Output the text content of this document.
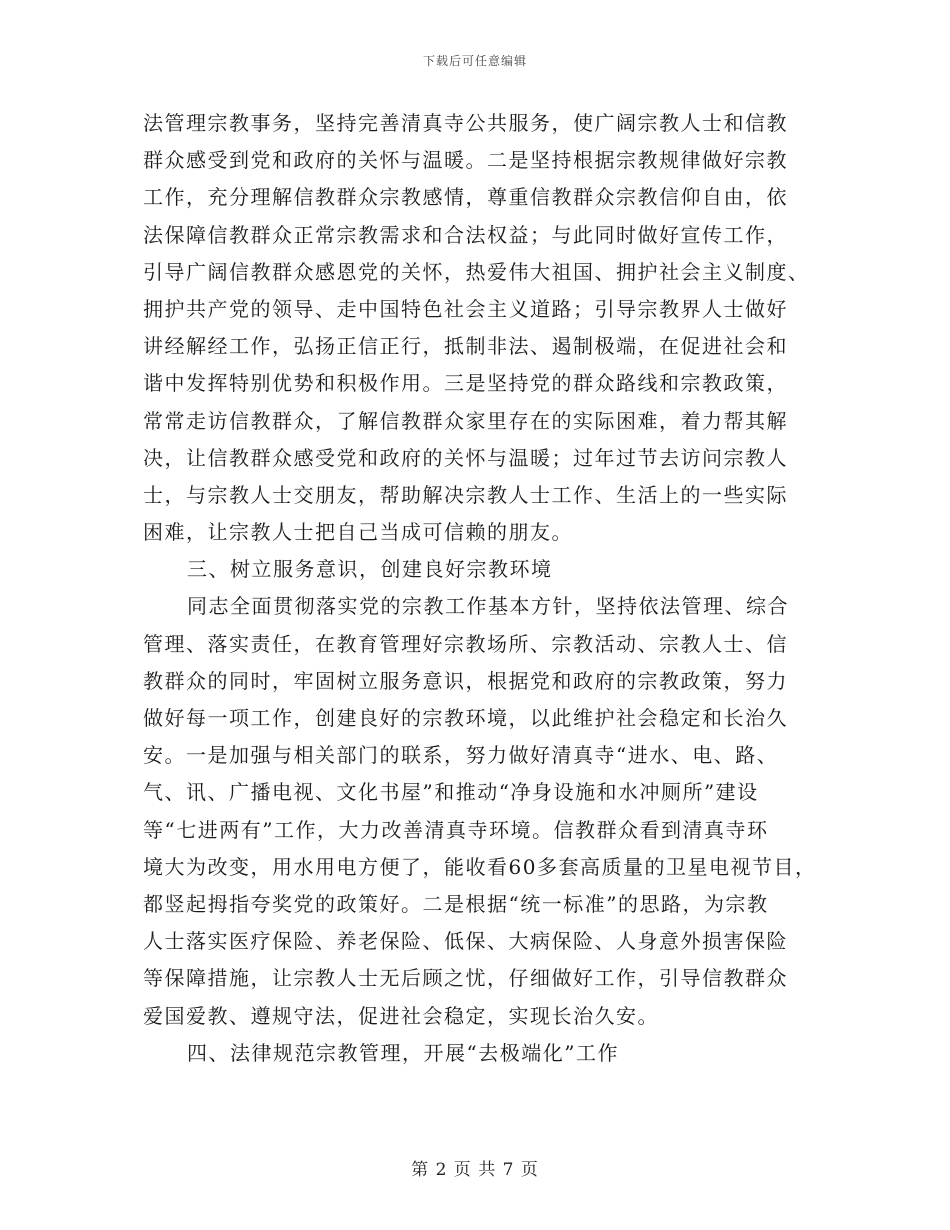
下载后可任意编辑
法管理宗教事务，坚持完善清真寺公共服务，使广阔宗教人士和信教
群众感受到党和政府的关怀与温暖。二是坚持根据宗教规律做好宗教
工作，充分理解信教群众宗教感情，尊重信教群众宗教信仰自由，依
法保障信教群众正常宗教需求和合法权益；与此同时做好宣传工作，
引导广阔信教群众感恩党的关怀，热爱伟大祖国、拥护社会主义制度、
拥护共产党的领导、走中国特色社会主义道路；引导宗教界人士做好
讲经解经工作，弘扬正信正行，抵制非法、遏制极端，在促进社会和
谐中发挥特别优势和积极作用。三是坚持党的群众路线和宗教政策，
常常走访信教群众，了解信教群众家里存在的实际困难，着力帮其解
决，让信教群众感受党和政府的关怀与温暖；过年过节去访问宗教人
士，与宗教人士交朋友，帮助解决宗教人士工作、生活上的一些实际
困难，让宗教人士把自己当成可信赖的朋友。
三、树立服务意识，创建良好宗教环境
同志全面贯彻落实党的宗教工作基本方针，坚持依法管理、综合
管理、落实责任，在教育管理好宗教场所、宗教活动、宗教人士、信
教群众的同时，牢固树立服务意识，根据党和政府的宗教政策，努力
做好每一项工作，创建良好的宗教环境，以此维护社会稳定和长治久
安。一是加强与相关部门的联系，努力做好清真寺“进水、电、路、
气、讯、广播电视、文化书屋”和推动“净身设施和水冲厕所”建设
等“七进两有”工作，大力改善清真寺环境。信教群众看到清真寺环
境大为改变，用水用电方便了，能收看60多套高质量的卫星电视节目，
都竖起拇指夸奖党的政策好。二是根据“统一标准”的思路，为宗教
人士落实医疗保险、养老保险、低保、大病保险、人身意外损害保险
等保障措施，让宗教人士无后顾之忧，仔细做好工作，引导信教群众
爱国爱教、遵规守法，促进社会稳定，实现长治久安。
四、法律规范宗教管理，开展“去极端化”工作
第 2 页 共 7 页
